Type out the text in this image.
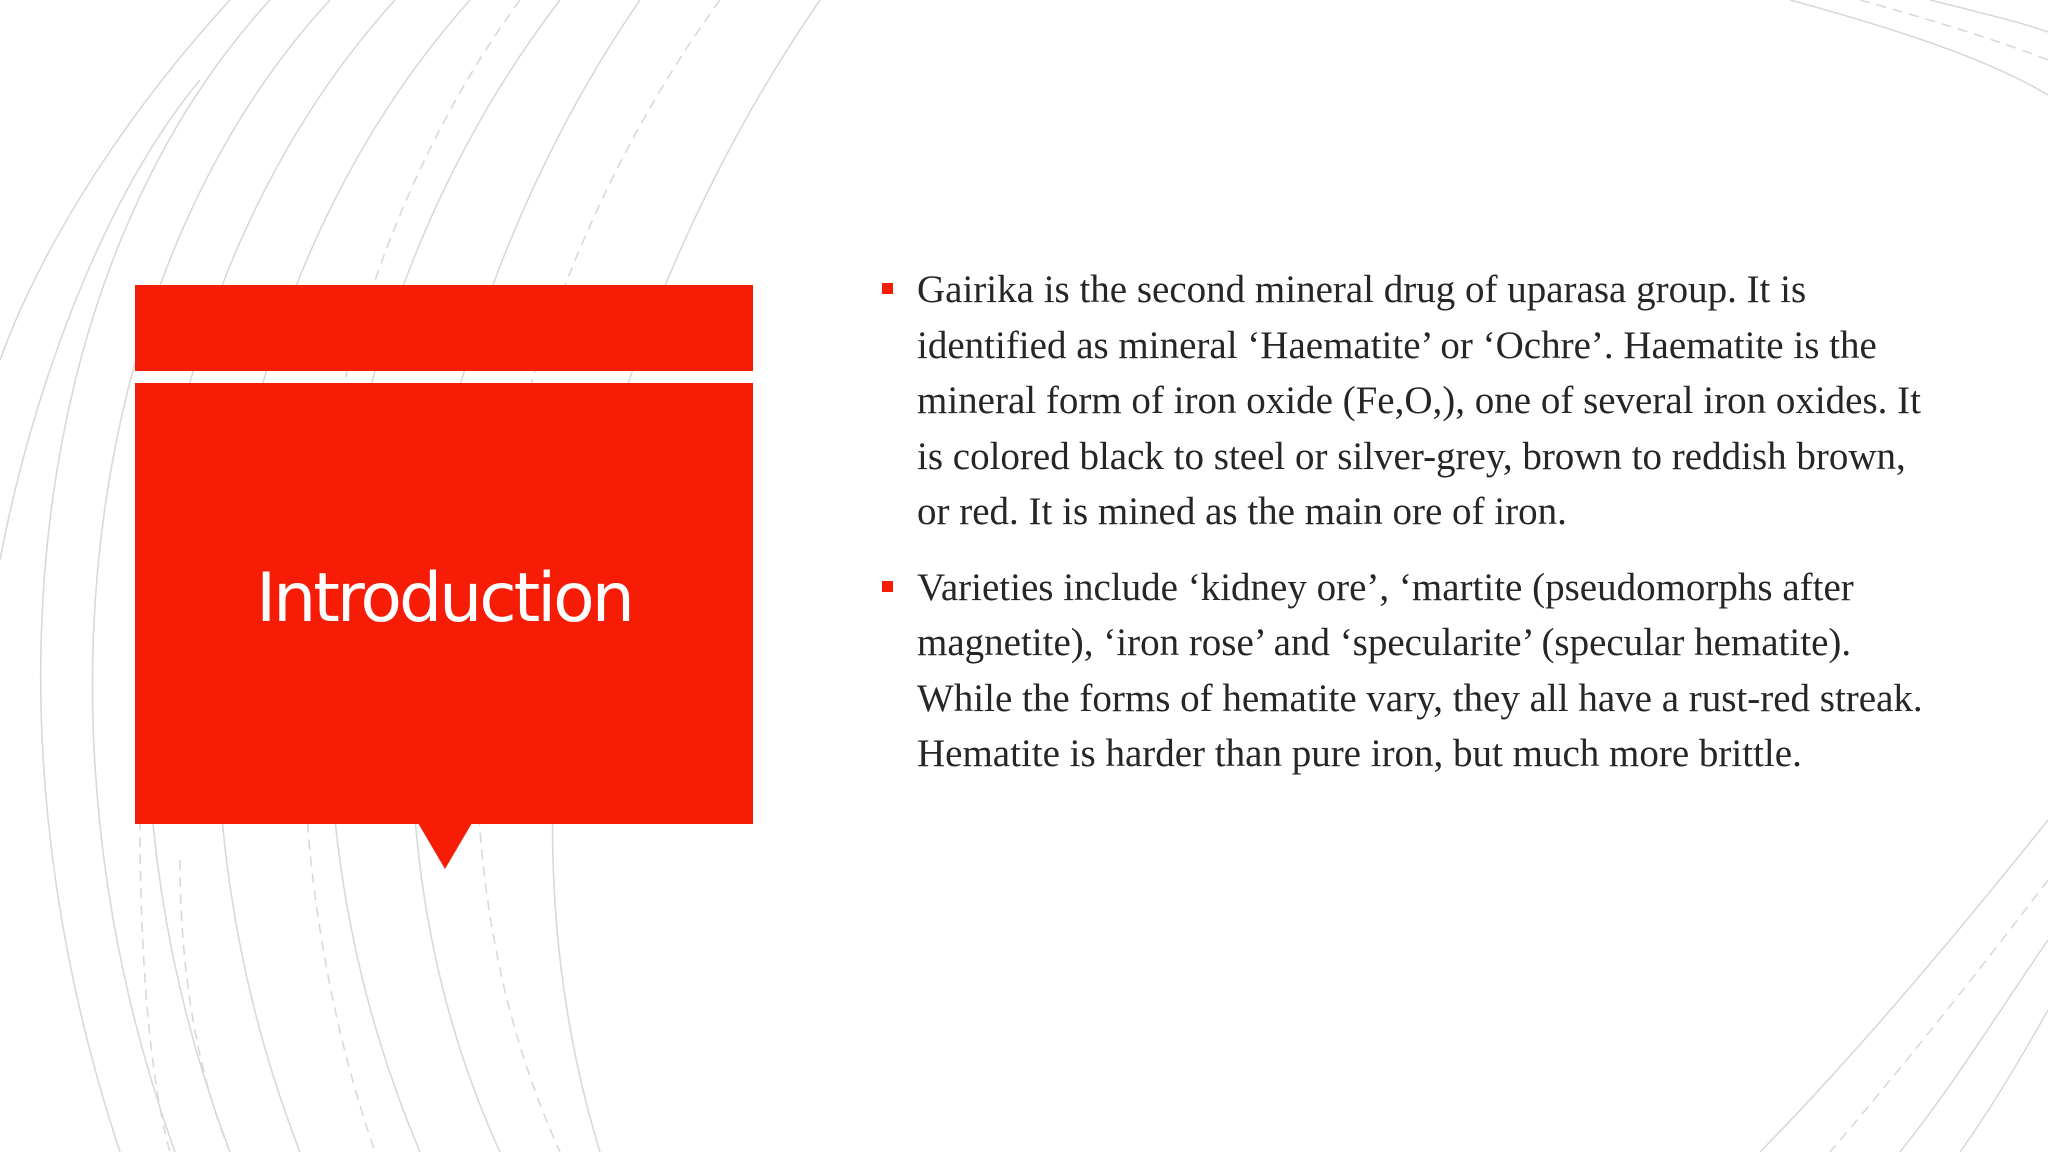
Introduction
Gairika is the second mineral drug of uparasa group. It is identified as mineral ‘Haematite’ or ‘Ochre’. Haematite is the mineral form of iron oxide (Fe,O,), one of several iron oxides. It is colored black to steel or silver-grey, brown to reddish brown, or red. It is mined as the main ore of iron.
Varieties include ‘kidney ore’, ‘martite (pseudomorphs after magnetite), ‘iron rose’ and ‘specularite’ (specular hematite). While the forms of hematite vary, they all have a rust-red streak. Hematite is harder than pure iron, but much more brittle.
